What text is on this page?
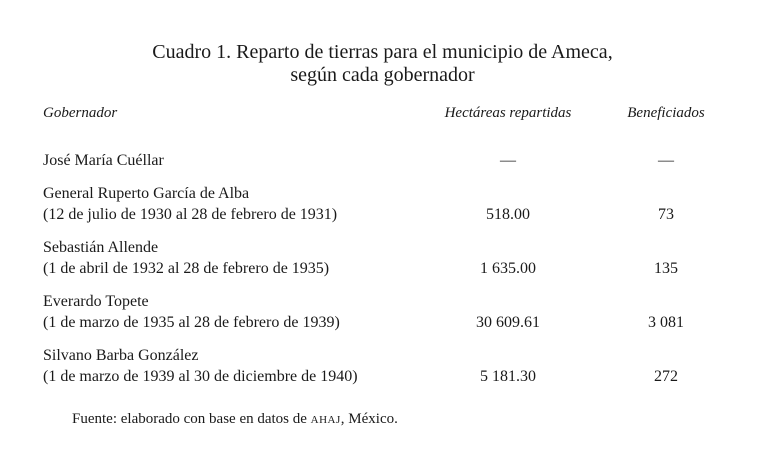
Cuadro 1. Reparto de tierras para el municipio de Ameca,
según cada gobernador
Gobernador	Hectáreas repartidas	Beneficiados
José María Cuéllar	—	—
General Ruperto García de Alba
(12 de julio de 1930 al 28 de febrero de 1931)	518.00	73
Sebastián Allende
(1 de abril de 1932 al 28 de febrero de 1935)	1 635.00	135
Everardo Topete
(1 de marzo de 1935 al 28 de febrero de 1939)	30 609.61	3 081
Silvano Barba González
(1 de marzo de 1939 al 30 de diciembre de 1940)	5 181.30	272
Fuente: elaborado con base en datos de AHAJ, México.
